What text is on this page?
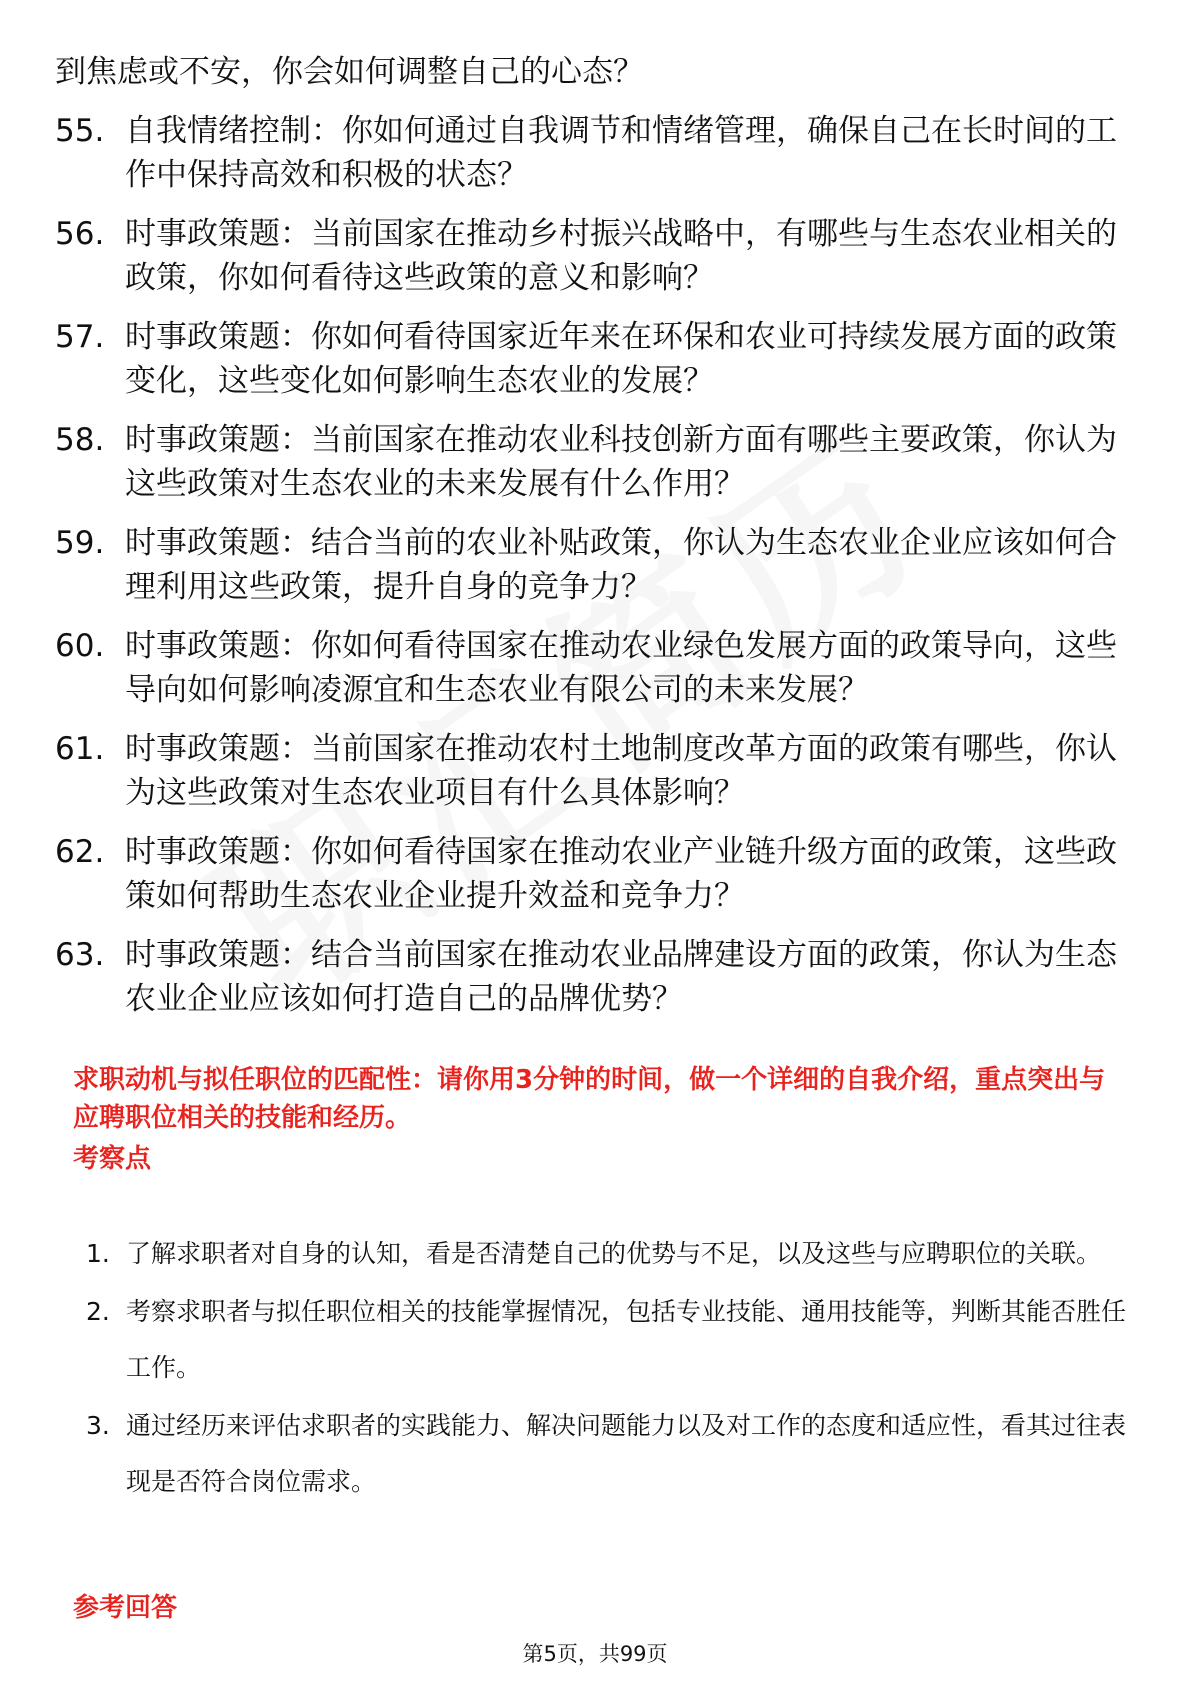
到焦虑或不安，你会如何调整自己的心态？
55. 自我情绪控制：你如何通过自我调节和情绪管理，确保自己在长时间的工作中保持高效和积极的状态？
56. 时事政策题：当前国家在推动乡村振兴战略中，有哪些与生态农业相关的政策，你如何看待这些政策的意义和影响？
57. 时事政策题：你如何看待国家近年来在环保和农业可持续发展方面的政策变化，这些变化如何影响生态农业的发展？
58. 时事政策题：当前国家在推动农业科技创新方面有哪些主要政策，你认为这些政策对生态农业的未来发展有什么作用？
59. 时事政策题：结合当前的农业补贴政策，你认为生态农业企业应该如何合理利用这些政策，提升自身的竞争力？
60. 时事政策题：你如何看待国家在推动农业绿色发展方面的政策导向，这些导向如何影响凌源宜和生态农业有限公司的未来发展？
61. 时事政策题：当前国家在推动农村土地制度改革方面的政策有哪些，你认为这些政策对生态农业项目有什么具体影响？
62. 时事政策题：你如何看待国家在推动农业产业链升级方面的政策，这些政策如何帮助生态农业企业提升效益和竞争力？
63. 时事政策题：结合当前国家在推动农业品牌建设方面的政策，你认为生态农业企业应该如何打造自己的品牌优势？
求职动机与拟任职位的匹配性：请你用3分钟的时间，做一个详细的自我介绍，重点突出与应聘职位相关的技能和经历。
考察点
1. 了解求职者对自身的认知，看是否清楚自己的优势与不足，以及这些与应聘职位的关联。
2. 考察求职者与拟任职位相关的技能掌握情况，包括专业技能、通用技能等，判断其能否胜任工作。
3. 通过经历来评估求职者的实践能力、解决问题能力以及对工作的态度和适应性，看其过往表现是否符合岗位需求。
参考回答
第5页，共99页
